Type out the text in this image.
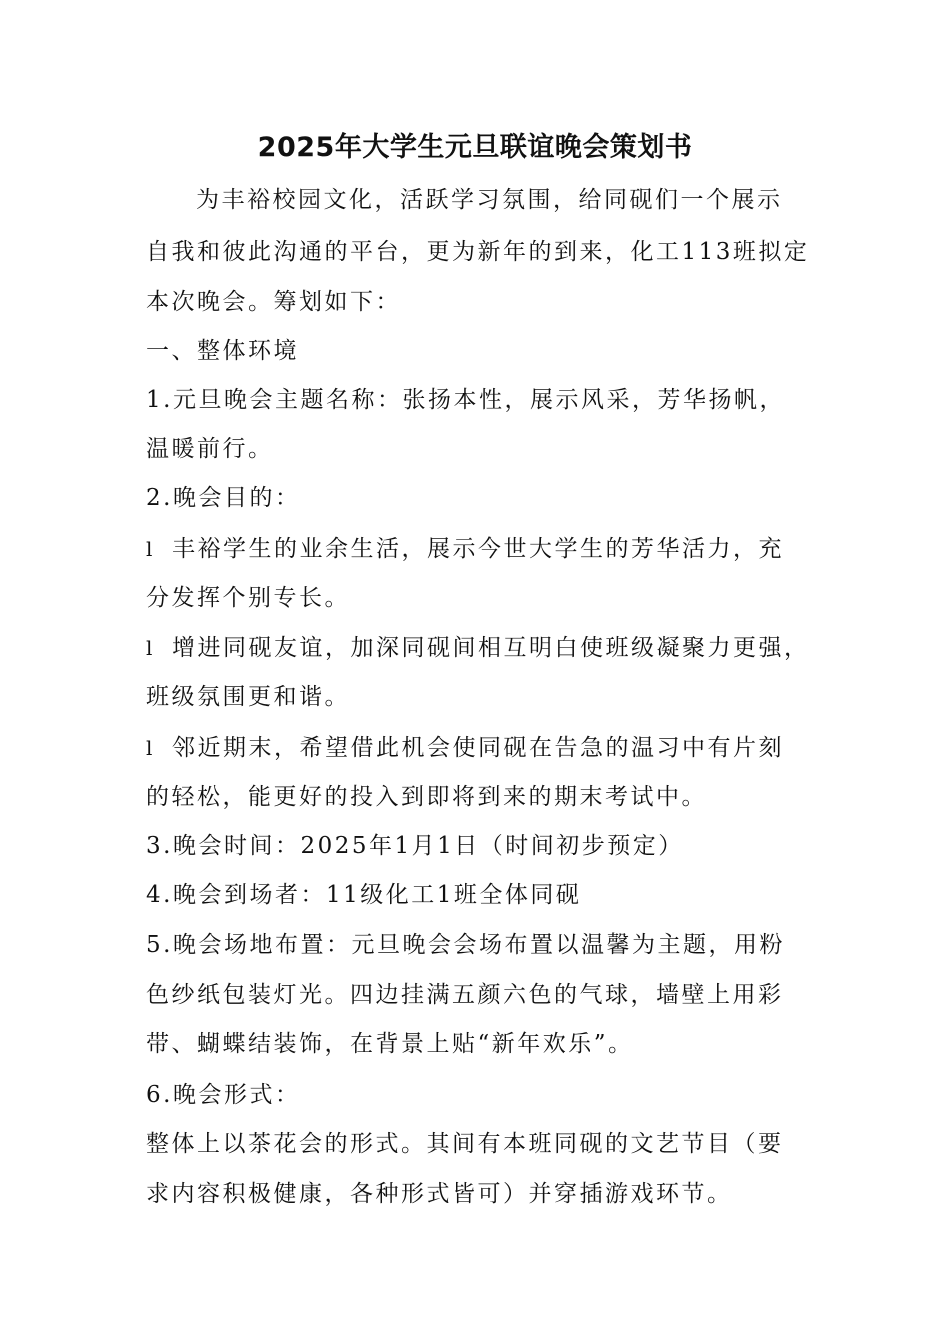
2025年大学生元旦联谊晚会策划书
为丰裕校园文化，活跃学习氛围，给同砚们一个展示
自我和彼此沟通的平台，更为新年的到来，化工113班拟定
本次晚会。筹划如下：
一、整体环境
1.元旦晚会主题名称：张扬本性，展示风采，芳华扬帆，
温暖前行。
2.晚会目的：
l 丰裕学生的业余生活，展示今世大学生的芳华活力，充
分发挥个别专长。
l 增进同砚友谊，加深同砚间相互明白使班级凝聚力更强，
班级氛围更和谐。
l 邻近期末，希望借此机会使同砚在告急的温习中有片刻
的轻松，能更好的投入到即将到来的期末考试中。
3.晚会时间：2025年1月1日（时间初步预定）
4.晚会到场者：11级化工1班全体同砚
5.晚会场地布置：元旦晚会会场布置以温馨为主题，用粉
色纱纸包装灯光。四边挂满五颜六色的气球，墙壁上用彩
带、蝴蝶结装饰，在背景上贴“新年欢乐”。
6.晚会形式：
整体上以茶花会的形式。其间有本班同砚的文艺节目（要
求内容积极健康，各种形式皆可）并穿插游戏环节。
